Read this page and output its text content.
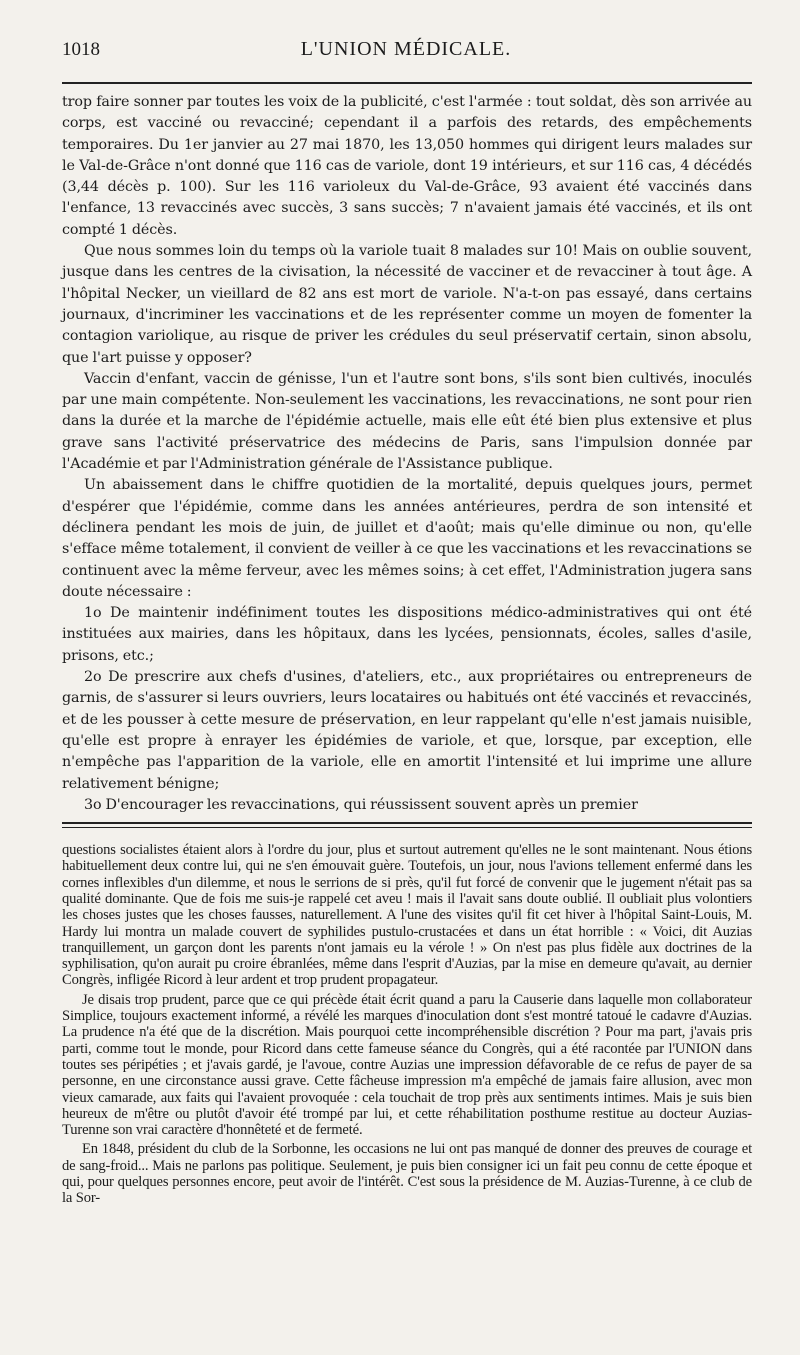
1018	L'UNION MÉDICALE.

trop faire sonner par toutes les voix de la publicité, c'est l'armée : tout soldat, dès son arrivée au corps, est vacciné ou revacciné; cependant il a parfois des retards, des empêchements temporaires. Du 1er janvier au 27 mai 1870, les 13,050 hommes qui dirigent leurs malades sur le Val-de-Grâce n'ont donné que 116 cas de variole, dont 19 intérieurs, et sur 116 cas, 4 décédés (3,44 décès p. 100). Sur les 116 varioleux du Val-de-Grâce, 93 avaient été vaccinés dans l'enfance, 13 revaccinés avec succès, 3 sans succès; 7 n'avaient jamais été vaccinés, et ils ont compté 1 décès.

Que nous sommes loin du temps où la variole tuait 8 malades sur 10! Mais on oublie souvent, jusque dans les centres de la civisation, la nécessité de vacciner et de revacciner à tout âge. A l'hôpital Necker, un vieillard de 82 ans est mort de variole. N'a-t-on pas essayé, dans certains journaux, d'incriminer les vaccinations et de les représenter comme un moyen de fomenter la contagion variolique, au risque de priver les crédules du seul préservatif certain, sinon absolu, que l'art puisse y opposer?

Vaccin d'enfant, vaccin de génisse, l'un et l'autre sont bons, s'ils sont bien cultivés, inoculés par une main compétente. Non-seulement les vaccinations, les revaccinations, ne sont pour rien dans la durée et la marche de l'épidémie actuelle, mais elle eût été bien plus extensive et plus grave sans l'activité préservatrice des médecins de Paris, sans l'impulsion donnée par l'Académie et par l'Administration générale de l'Assistance publique.

Un abaissement dans le chiffre quotidien de la mortalité, depuis quelques jours, permet d'espérer que l'épidémie, comme dans les années antérieures, perdra de son intensité et déclinera pendant les mois de juin, de juillet et d'août; mais qu'elle diminue ou non, qu'elle s'efface même totalement, il convient de veiller à ce que les vaccinations et les revaccinations se continuent avec la même ferveur, avec les mêmes soins; à cet effet, l'Administration jugera sans doute nécessaire :

1o De maintenir indéfiniment toutes les dispositions médico-administratives qui ont été instituées aux mairies, dans les hôpitaux, dans les lycées, pensionnats, écoles, salles d'asile, prisons, etc.;

2o De prescrire aux chefs d'usines, d'ateliers, etc., aux propriétaires ou entrepreneurs de garnis, de s'assurer si leurs ouvriers, leurs locataires ou habitués ont été vaccinés et revaccinés, et de les pousser à cette mesure de préservation, en leur rappelant qu'elle n'est jamais nuisible, qu'elle est propre à enrayer les épidémies de variole, et que, lorsque, par exception, elle n'empêche pas l'apparition de la variole, elle en amortit l'intensité et lui imprime une allure relativement bénigne;

3o D'encourager les revaccinations, qui réussissent souvent après un premier

questions socialistes étaient alors à l'ordre du jour, plus et surtout autrement qu'elles ne le sont maintenant. Nous étions habituellement deux contre lui, qui ne s'en émouvait guère. Toutefois, un jour, nous l'avions tellement enfermé dans les cornes inflexibles d'un dilemme, et nous le serrions de si près, qu'il fut forcé de convenir que le jugement n'était pas sa qualité dominante. Que de fois me suis-je rappelé cet aveu ! mais il l'avait sans doute oublié. Il oubliait plus volontiers les choses justes que les choses fausses, naturellement. A l'une des visites qu'il fit cet hiver à l'hôpital Saint-Louis, M. Hardy lui montra un malade couvert de syphilides pustulo-crustacées et dans un état horrible : « Voici, dit Auzias tranquillement, un garçon dont les parents n'ont jamais eu la vérole ! » On n'est pas plus fidèle aux doctrines de la syphilisation, qu'on aurait pu croire ébranlées, même dans l'esprit d'Auzias, par la mise en demeure qu'avait, au dernier Congrès, infligée Ricord à leur ardent et trop prudent propagateur.

Je disais trop prudent, parce que ce qui précède était écrit quand a paru la Causerie dans laquelle mon collaborateur Simplice, toujours exactement informé, a révélé les marques d'inoculation dont s'est montré tatoué le cadavre d'Auzias. La prudence n'a été que de la discrétion. Mais pourquoi cette incompréhensible discrétion ? Pour ma part, j'avais pris parti, comme tout le monde, pour Ricord dans cette fameuse séance du Congrès, qui a été racontée par l'UNION dans toutes ses péripéties ; et j'avais gardé, je l'avoue, contre Auzias une impression défavorable de ce refus de payer de sa personne, en une circonstance aussi grave. Cette fâcheuse impression m'a empêché de jamais faire allusion, avec mon vieux camarade, aux faits qui l'avaient provoquée : cela touchait de trop près aux sentiments intimes. Mais je suis bien heureux de m'être ou plutôt d'avoir été trompé par lui, et cette réhabilitation posthume restitue au docteur Auzias-Turenne son vrai caractère d'honnêteté et de fermeté.

En 1848, président du club de la Sorbonne, les occasions ne lui ont pas manqué de donner des preuves de courage et de sang-froid... Mais ne parlons pas politique. Seulement, je puis bien consigner ici un fait peu connu de cette époque et qui, pour quelques personnes encore, peut avoir de l'intérêt. C'est sous la présidence de M. Auzias-Turenne, à ce club de la Sor-
